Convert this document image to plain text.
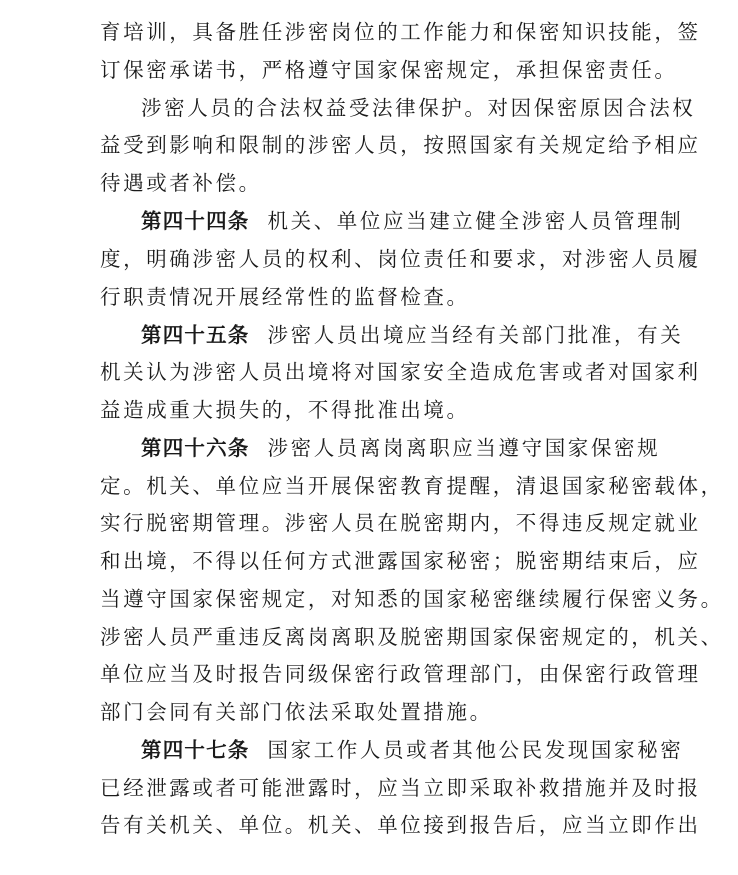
育培训，具备胜任涉密岗位的工作能力和保密知识技能，签
订保密承诺书，严格遵守国家保密规定，承担保密责任。
涉密人员的合法权益受法律保护。对因保密原因合法权
益受到影响和限制的涉密人员，按照国家有关规定给予相应
待遇或者补偿。
第四十四条 机关、单位应当建立健全涉密人员管理制
度，明确涉密人员的权利、岗位责任和要求，对涉密人员履
行职责情况开展经常性的监督检查。
第四十五条 涉密人员出境应当经有关部门批准，有关
机关认为涉密人员出境将对国家安全造成危害或者对国家利
益造成重大损失的，不得批准出境。
第四十六条 涉密人员离岗离职应当遵守国家保密规
定。机关、单位应当开展保密教育提醒，清退国家秘密载体，
实行脱密期管理。涉密人员在脱密期内，不得违反规定就业
和出境，不得以任何方式泄露国家秘密；脱密期结束后，应
当遵守国家保密规定，对知悉的国家秘密继续履行保密义务。
涉密人员严重违反离岗离职及脱密期国家保密规定的，机关、
单位应当及时报告同级保密行政管理部门，由保密行政管理
部门会同有关部门依法采取处置措施。
第四十七条 国家工作人员或者其他公民发现国家秘密
已经泄露或者可能泄露时，应当立即采取补救措施并及时报
告有关机关、单位。机关、单位接到报告后，应当立即作出
